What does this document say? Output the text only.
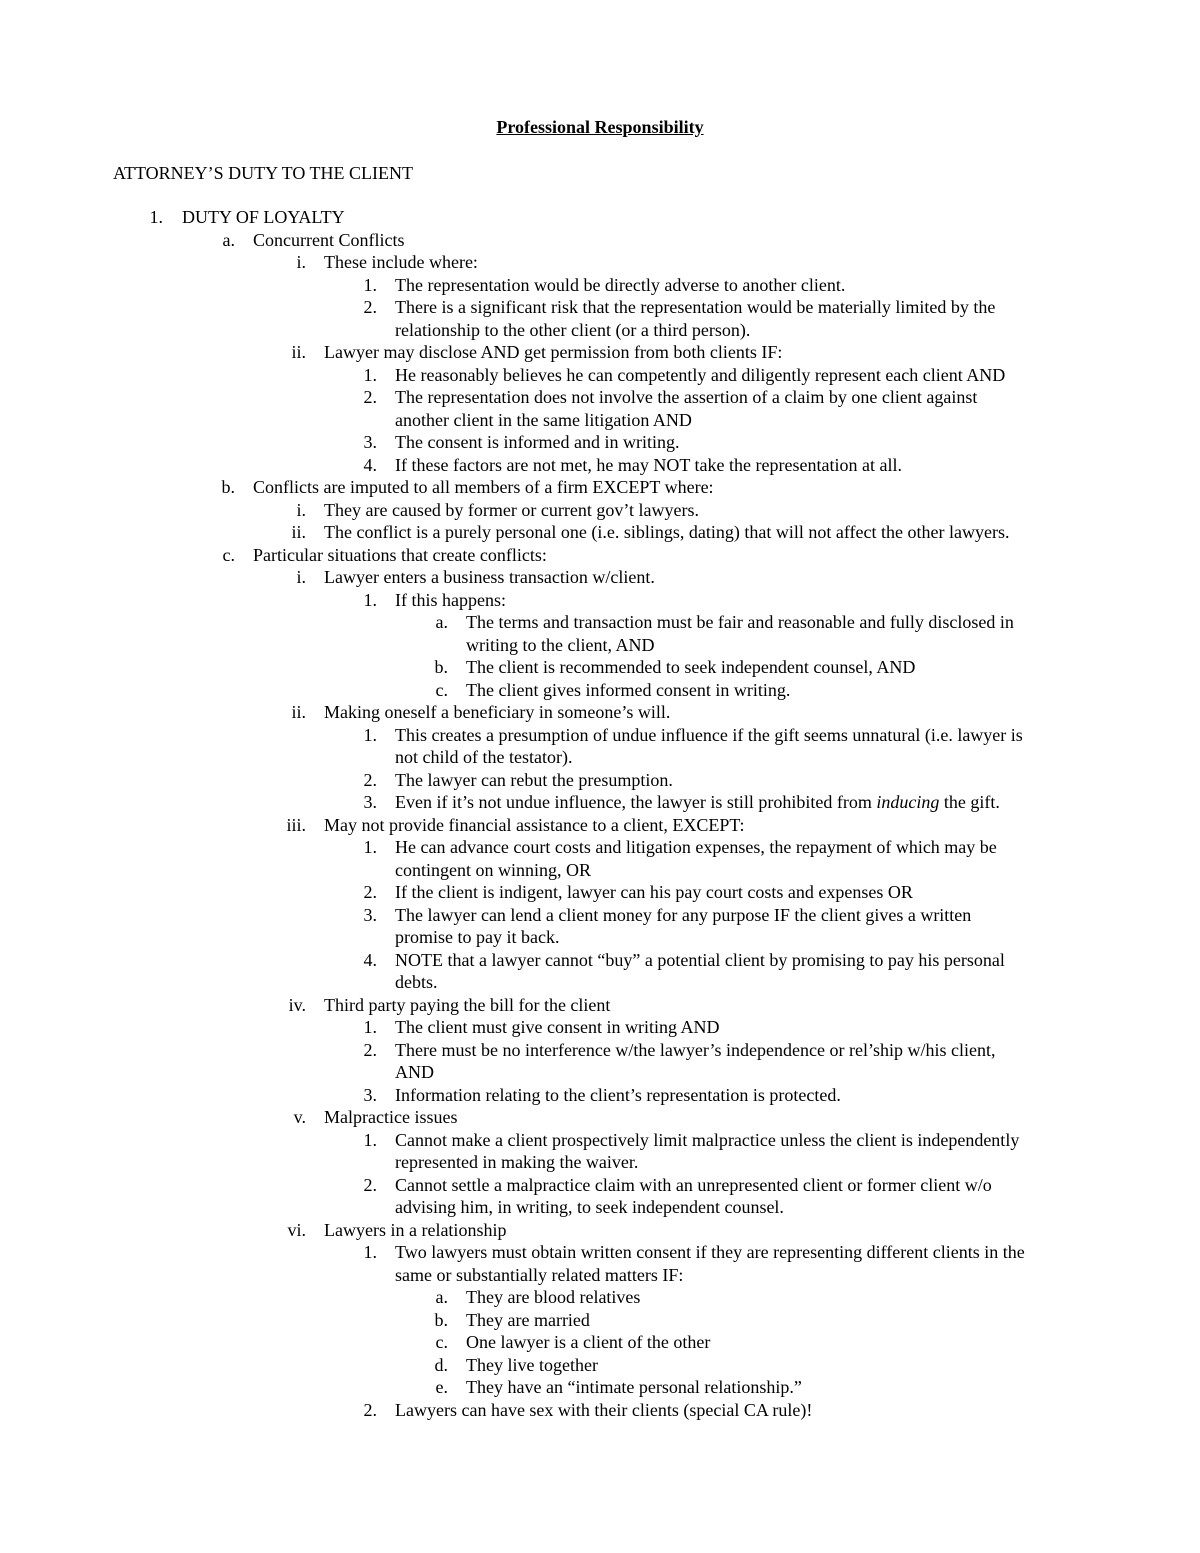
Professional Responsibility
ATTORNEY’S DUTY TO THE CLIENT
1. DUTY OF LOYALTY
a. Concurrent Conflicts
i. These include where:
1. The representation would be directly adverse to another client.
2. There is a significant risk that the representation would be materially limited by the
relationship to the other client (or a third person).
ii. Lawyer may disclose AND get permission from both clients IF:
1. He reasonably believes he can competently and diligently represent each client AND
2. The representation does not involve the assertion of a claim by one client against
another client in the same litigation AND
3. The consent is informed and in writing.
4. If these factors are not met, he may NOT take the representation at all.
b. Conflicts are imputed to all members of a firm EXCEPT where:
i. They are caused by former or current gov’t lawyers.
ii. The conflict is a purely personal one (i.e. siblings, dating) that will not affect the other lawyers.
c. Particular situations that create conflicts:
i. Lawyer enters a business transaction w/client.
1. If this happens:
a. The terms and transaction must be fair and reasonable and fully disclosed in
writing to the client, AND
b. The client is recommended to seek independent counsel, AND
c. The client gives informed consent in writing.
ii. Making oneself a beneficiary in someone’s will.
1. This creates a presumption of undue influence if the gift seems unnatural (i.e. lawyer is
not child of the testator).
2. The lawyer can rebut the presumption.
3. Even if it’s not undue influence, the lawyer is still prohibited from inducing the gift.
iii. May not provide financial assistance to a client, EXCEPT:
1. He can advance court costs and litigation expenses, the repayment of which may be
contingent on winning, OR
2. If the client is indigent, lawyer can his pay court costs and expenses OR
3. The lawyer can lend a client money for any purpose IF the client gives a written
promise to pay it back.
4. NOTE that a lawyer cannot “buy” a potential client by promising to pay his personal
debts.
iv. Third party paying the bill for the client
1. The client must give consent in writing AND
2. There must be no interference w/the lawyer’s independence or rel’ship w/his client,
AND
3. Information relating to the client’s representation is protected.
v. Malpractice issues
1. Cannot make a client prospectively limit malpractice unless the client is independently
represented in making the waiver.
2. Cannot settle a malpractice claim with an unrepresented client or former client w/o
advising him, in writing, to seek independent counsel.
vi. Lawyers in a relationship
1. Two lawyers must obtain written consent if they are representing different clients in the
same or substantially related matters IF:
a. They are blood relatives
b. They are married
c. One lawyer is a client of the other
d. They live together
e. They have an “intimate personal relationship.”
2. Lawyers can have sex with their clients (special CA rule)!
